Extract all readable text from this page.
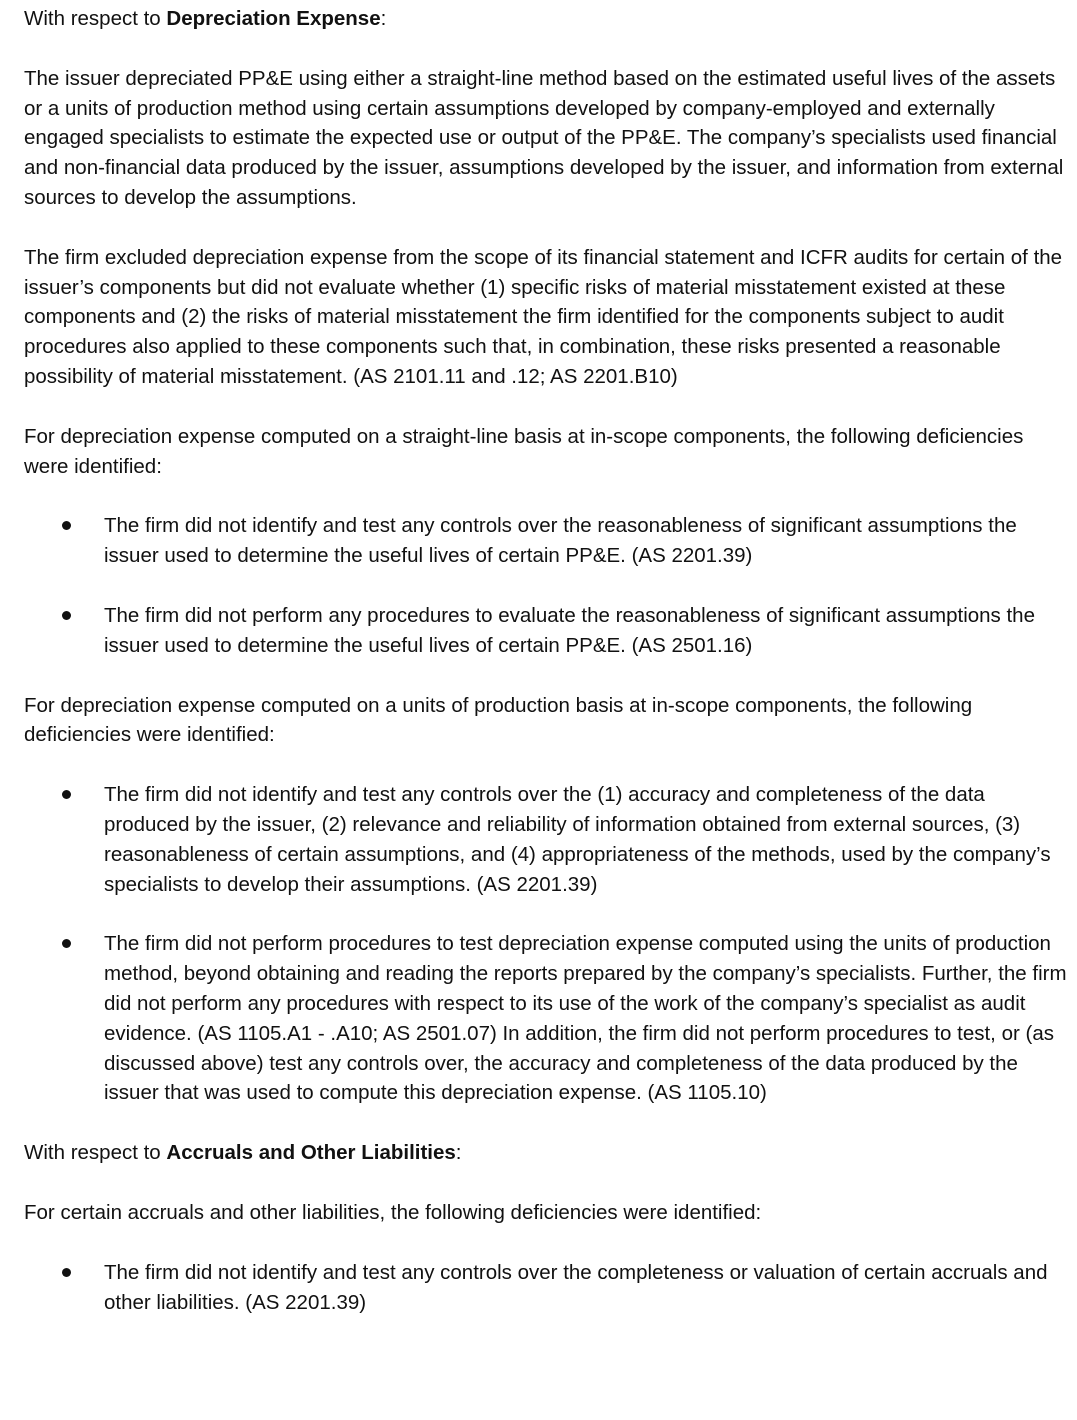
With respect to Depreciation Expense:

The issuer depreciated PP&E using either a straight-line method based on the estimated useful lives of the assets or a units of production method using certain assumptions developed by company-employed and externally engaged specialists to estimate the expected use or output of the PP&E. The company’s specialists used financial and non-financial data produced by the issuer, assumptions developed by the issuer, and information from external sources to develop the assumptions.

The firm excluded depreciation expense from the scope of its financial statement and ICFR audits for certain of the issuer’s components but did not evaluate whether (1) specific risks of material misstatement existed at these components and (2) the risks of material misstatement the firm identified for the components subject to audit procedures also applied to these components such that, in combination, these risks presented a reasonable possibility of material misstatement. (AS 2101.11 and .12; AS 2201.B10)

For depreciation expense computed on a straight-line basis at in-scope components, the following deficiencies were identified:

The firm did not identify and test any controls over the reasonableness of significant assumptions the issuer used to determine the useful lives of certain PP&E. (AS 2201.39)
The firm did not perform any procedures to evaluate the reasonableness of significant assumptions the issuer used to determine the useful lives of certain PP&E. (AS 2501.16)

For depreciation expense computed on a units of production basis at in-scope components, the following deficiencies were identified:

The firm did not identify and test any controls over the (1) accuracy and completeness of the data produced by the issuer, (2) relevance and reliability of information obtained from external sources, (3) reasonableness of certain assumptions, and (4) appropriateness of the methods, used by the company’s specialists to develop their assumptions. (AS 2201.39)
The firm did not perform procedures to test depreciation expense computed using the units of production method, beyond obtaining and reading the reports prepared by the company’s specialists. Further, the firm did not perform any procedures with respect to its use of the work of the company’s specialist as audit evidence. (AS 1105.A1 - .A10; AS 2501.07) In addition, the firm did not perform procedures to test, or (as discussed above) test any controls over, the accuracy and completeness of the data produced by the issuer that was used to compute this depreciation expense. (AS 1105.10)

With respect to Accruals and Other Liabilities:

For certain accruals and other liabilities, the following deficiencies were identified:

The firm did not identify and test any controls over the completeness or valuation of certain accruals and other liabilities. (AS 2201.39)
